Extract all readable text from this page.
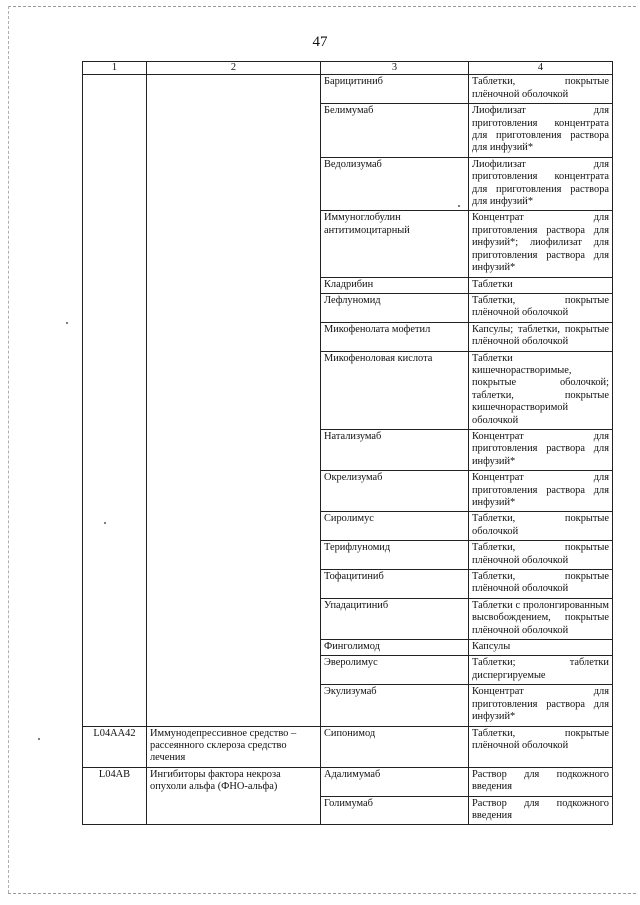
47
1	2	3	4
		Барицитиниб	Таблетки, покрытые плёночной оболочкой
		Белимумаб	Лиофилизат для приготовления концентрата для приготовления раствора для инфузий*
		Ведолизумаб	Лиофилизат для приготовления концентрата для приготовления раствора для инфузий*
		Иммуноглобулин антитимоцитарный	Концентрат для приготовления раствора для инфузий*; лиофилизат для приготовления раствора для инфузий*
		Кладрибин	Таблетки
		Лефлуномид	Таблетки, покрытые плёночной оболочкой
		Микофенолата мофетил	Капсулы; таблетки, покрытые плёночной оболочкой
		Микофеноловая кислота	Таблетки кишечнорастворимые, покрытые оболочкой; таблетки, покрытые кишечнорастворимой оболочкой
		Натализумаб	Концентрат для приготовления раствора для инфузий*
		Окрелизумаб	Концентрат для приготовления раствора для инфузий*
		Сиролимус	Таблетки, покрытые оболочкой
		Терифлуномид	Таблетки, покрытые плёночной оболочкой
		Тофацитиниб	Таблетки, покрытые плёночной оболочкой
		Упадацитиниб	Таблетки с пролонгированным высвобождением, покрытые плёночной оболочкой
		Финголимод	Капсулы
		Эверолимус	Таблетки; таблетки диспергируемые
		Экулизумаб	Концентрат для приготовления раствора для инфузий*
L04AA42	Иммунодепрессивное средство – рассеянного склероза средство лечения	Сипонимод	Таблетки, покрытые плёночной оболочкой
L04AB	Ингибиторы фактора некроза опухоли альфа (ФНО-альфа)	Адалимумаб	Раствор для подкожного введения
		Голимумаб	Раствор для подкожного введения
